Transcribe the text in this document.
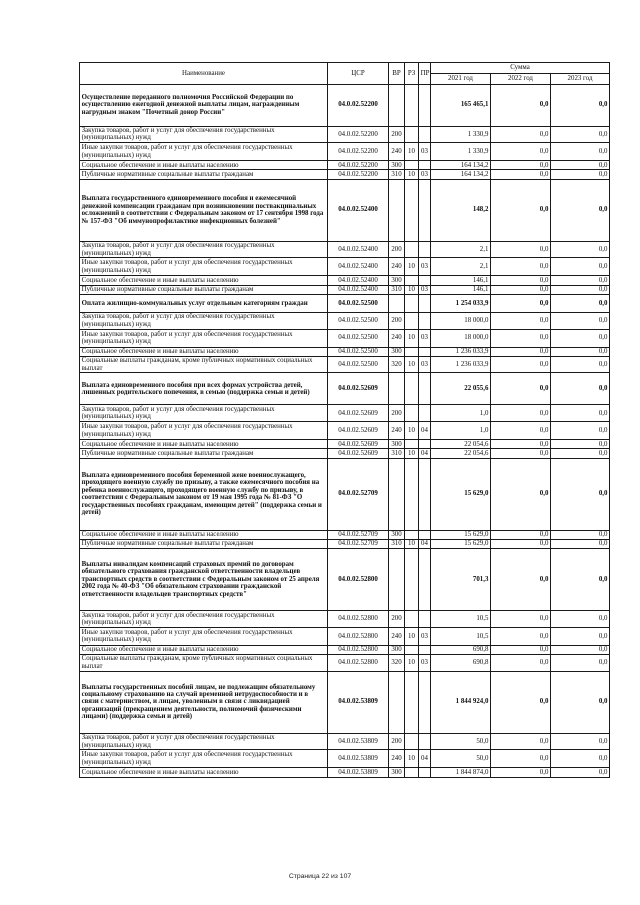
Наименование	ЦСР	ВР	РЗ	ПР	Сумма		
					2021 год	2022 год	2023 год
Осуществление переданного полномочия Российской Федерации по осуществлению ежегодной денежной выплаты лицам, награжденным нагрудным знаком "Почетный донор России"	04.0.02.52200				165 465,1	0,0	0,0
Закупка товаров, работ и услуг для обеспечения государственных (муниципальных) нужд	04.0.02.52200	200			1 330,9	0,0	0,0
Иные закупки товаров, работ и услуг для обеспечения государственных (муниципальных) нужд	04.0.02.52200	240	10	03	1 330,9	0,0	0,0
Социальное обеспечение и иные выплаты населению	04.0.02.52200	300			164 134,2	0,0	0,0
Публичные нормативные социальные выплаты гражданам	04.0.02.52200	310	10	03	164 134,2	0,0	0,0
Выплата государственного единовременного пособия и ежемесячной денежной компенсации гражданам при возникновении поствакцинальных осложнений в соответствии с Федеральным законом от 17 сентября 1998 года № 157-ФЗ "Об иммунопрофилактике инфекционных болезней"	04.0.02.52400				148,2	0,0	0,0
Закупка товаров, работ и услуг для обеспечения государственных (муниципальных) нужд	04.0.02.52400	200			2,1	0,0	0,0
Иные закупки товаров, работ и услуг для обеспечения государственных (муниципальных) нужд	04.0.02.52400	240	10	03	2,1	0,0	0,0
Социальное обеспечение и иные выплаты населению	04.0.02.52400	300			146,1	0,0	0,0
Публичные нормативные социальные выплаты гражданам	04.0.02.52400	310	10	03	146,1	0,0	0,0
Оплата жилищно-коммунальных услуг отдельным категориям граждан	04.0.02.52500				1 254 033,9	0,0	0,0
Закупка товаров, работ и услуг для обеспечения государственных (муниципальных) нужд	04.0.02.52500	200			18 000,0	0,0	0,0
Иные закупки товаров, работ и услуг для обеспечения государственных (муниципальных) нужд	04.0.02.52500	240	10	03	18 000,0	0,0	0,0
Социальное обеспечение и иные выплаты населению	04.0.02.52500	300			1 236 033,9	0,0	0,0
Социальные выплаты гражданам, кроме публичных нормативных социальных выплат	04.0.02.52500	320	10	03	1 236 033,9	0,0	0,0
Выплата единовременного пособия при всех формах устройства детей, лишенных родительского попечения, в семью (поддержка семьи и детей)	04.0.02.52609				22 055,6	0,0	0,0
Закупка товаров, работ и услуг для обеспечения государственных (муниципальных) нужд	04.0.02.52609	200			1,0	0,0	0,0
Иные закупки товаров, работ и услуг для обеспечения государственных (муниципальных) нужд	04.0.02.52609	240	10	04	1,0	0,0	0,0
Социальное обеспечение и иные выплаты населению	04.0.02.52609	300			22 054,6	0,0	0,0
Публичные нормативные социальные выплаты гражданам	04.0.02.52609	310	10	04	22 054,6	0,0	0,0
Выплата единовременного пособия беременной жене военнослужащего, проходящего военную службу по призыву, а также ежемесячного пособия на ребенка военнослужащего, проходящего военную службу по призыву, в соответствии с Федеральным законом от 19 мая 1995 года № 81-ФЗ "О государственных пособиях гражданам, имеющим детей" (поддержка семьи и детей)	04.0.02.52709				15 629,0	0,0	0,0
Социальное обеспечение и иные выплаты населению	04.0.02.52709	300			15 629,0	0,0	0,0
Публичные нормативные социальные выплаты гражданам	04.0.02.52709	310	10	04	15 629,0	0,0	0,0
Выплаты инвалидам компенсаций страховых премий по договорам обязательного страхования гражданской ответственности владельцев транспортных средств в соответствии с Федеральным законом от 25 апреля 2002 года № 40-ФЗ "Об обязательном страховании гражданской ответственности владельцев транспортных средств"	04.0.02.52800				701,3	0,0	0,0
Закупка товаров, работ и услуг для обеспечения государственных (муниципальных) нужд	04.0.02.52800	200			10,5	0,0	0,0
Иные закупки товаров, работ и услуг для обеспечения государственных (муниципальных) нужд	04.0.02.52800	240	10	03	10,5	0,0	0,0
Социальное обеспечение и иные выплаты населению	04.0.02.52800	300			690,8	0,0	0,0
Социальные выплаты гражданам, кроме публичных нормативных социальных выплат	04.0.02.52800	320	10	03	690,8	0,0	0,0
Выплаты государственных пособий лицам, не подлежащим обязательному социальному страхованию на случай временной нетрудоспособности и в связи с материнством, и лицам, уволенным в связи с ликвидацией организаций (прекращением деятельности, полномочий физическими лицами) (поддержка семьи и детей)	04.0.02.53809				1 844 924,0	0,0	0,0
Закупка товаров, работ и услуг для обеспечения государственных (муниципальных) нужд	04.0.02.53809	200			50,0	0,0	0,0
Иные закупки товаров, работ и услуг для обеспечения государственных (муниципальных) нужд	04.0.02.53809	240	10	04	50,0	0,0	0,0
Социальное обеспечение и иные выплаты населению	04.0.02.53809	300			1 844 874,0	0,0	0,0
Страница 22 из 107
